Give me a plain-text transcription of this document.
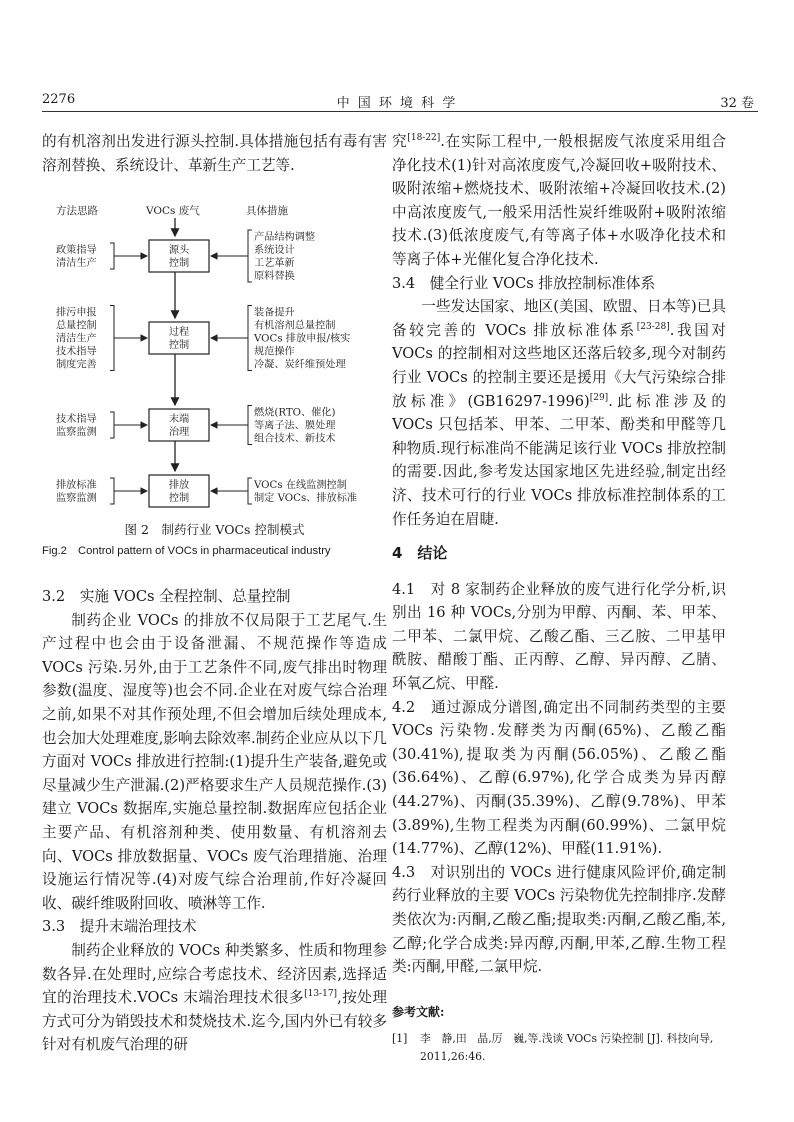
2276	中 国 环 境 科 学	32 卷

的有机溶剂出发进行源头控制.具体措施包括有毒有害溶剂替换、系统设计、革新生产工艺等.

方法思路	VOCs 废气	具体措施
源头
控制
政策指导
清洁生产
产品结构调整
系统设计
工艺革新
原料替换
过程
控制
排污申报
总量控制
清洁生产
技术指导
制度完善
装备提升
有机溶剂总量控制
VOCs 排放申报/核实
规范操作
冷凝、炭纤维预处理
末端
治理
技术指导
监察监测
燃烧(RTO、催化)
等离子法、膜处理
组合技术、新技术
排放
控制
排放标准
监察监测
VOCs 在线监测控制
制定 VOCs、排放标准
图 2　制药行业 VOCs 控制模式
Fig.2　Control pattern of VOCs in pharmaceutical industry

3.2　实施 VOCs 全程控制、总量控制

制药企业 VOCs 的排放不仅局限于工艺尾气.生产过程中也会由于设备泄漏、不规范操作等造成 VOCs 污染.另外,由于工艺条件不同,废气排出时物理参数(温度、湿度等)也会不同.企业在对废气综合治理之前,如果不对其作预处理,不但会增加后续处理成本,也会加大处理难度,影响去除效率.制药企业应从以下几方面对 VOCs 排放进行控制:(1)提升生产装备,避免或尽量减少生产泄漏.(2)严格要求生产人员规范操作.(3)建立 VOCs 数据库,实施总量控制.数据库应包括企业主要产品、有机溶剂种类、使用数量、有机溶剂去向、VOCs 排放数据量、VOCs 废气治理措施、治理设施运行情况等.(4)对废气综合治理前,作好冷凝回收、碳纤维吸附回收、喷淋等工作.

3.3　提升末端治理技术

制药企业释放的 VOCs 种类繁多、性质和物理参数各异.在处理时,应综合考虑技术、经济因素,选择适宜的治理技术.VOCs 末端治理技术很多[13-17],按处理方式可分为销毁技术和焚烧技术.迄今,国内外已有较多针对有机废气治理的研

究[18-22].在实际工程中,一般根据废气浓度采用组合净化技术(1)针对高浓度废气,冷凝回收+吸附技术、吸附浓缩+燃烧技术、吸附浓缩+冷凝回收技术.(2)中高浓度废气,一般采用活性炭纤维吸附+吸附浓缩技术.(3)低浓度废气,有等离子体+水吸净化技术和等离子体+光催化复合净化技术.

3.4　健全行业 VOCs 排放控制标准体系

一些发达国家、地区(美国、欧盟、日本等)已具备较完善的 VOCs 排放标准体系[23-28].我国对 VOCs 的控制相对这些地区还落后较多,现今对制药行业 VOCs 的控制主要还是援用《大气污染综合排放标准》(GB16297-1996)[29].此标准涉及的 VOCs 只包括苯、甲苯、二甲苯、酚类和甲醛等几种物质.现行标准尚不能满足该行业 VOCs 排放控制的需要.因此,参考发达国家地区先进经验,制定出经济、技术可行的行业 VOCs 排放标准控制体系的工作任务迫在眉睫.

4　结论

4.1　对 8 家制药企业释放的废气进行化学分析,识别出 16 种 VOCs,分别为甲醇、丙酮、苯、甲苯、二甲苯、二氯甲烷、乙酸乙酯、三乙胺、二甲基甲酰胺、醋酸丁酯、正丙醇、乙醇、异丙醇、乙腈、环氧乙烷、甲醛.

4.2　通过源成分谱图,确定出不同制药类型的主要 VOCs 污染物.发酵类为丙酮(65%)、乙酸乙酯(30.41%),提取类为丙酮(56.05%)、乙酸乙酯(36.64%)、乙醇(6.97%),化学合成类为异丙醇(44.27%)、丙酮(35.39%)、乙醇(9.78%)、甲苯(3.89%),生物工程类为丙酮(60.99%)、二氯甲烷(14.77%)、乙醇(12%)、甲醛(11.91%).

4.3　对识别出的 VOCs 进行健康风险评价,确定制药行业释放的主要 VOCs 污染物优先控制排序.发酵类依次为:丙酮,乙酸乙酯;提取类:丙酮,乙酸乙酯,苯,乙醇;化学合成类:异丙醇,丙酮,甲苯,乙醇.生物工程类:丙酮,甲醛,二氯甲烷.

参考文献:

[1]	李　静,田　晶,厉　巍,等.浅谈 VOCs 污染控制 [J]. 科技向导, 2011,26:46.
